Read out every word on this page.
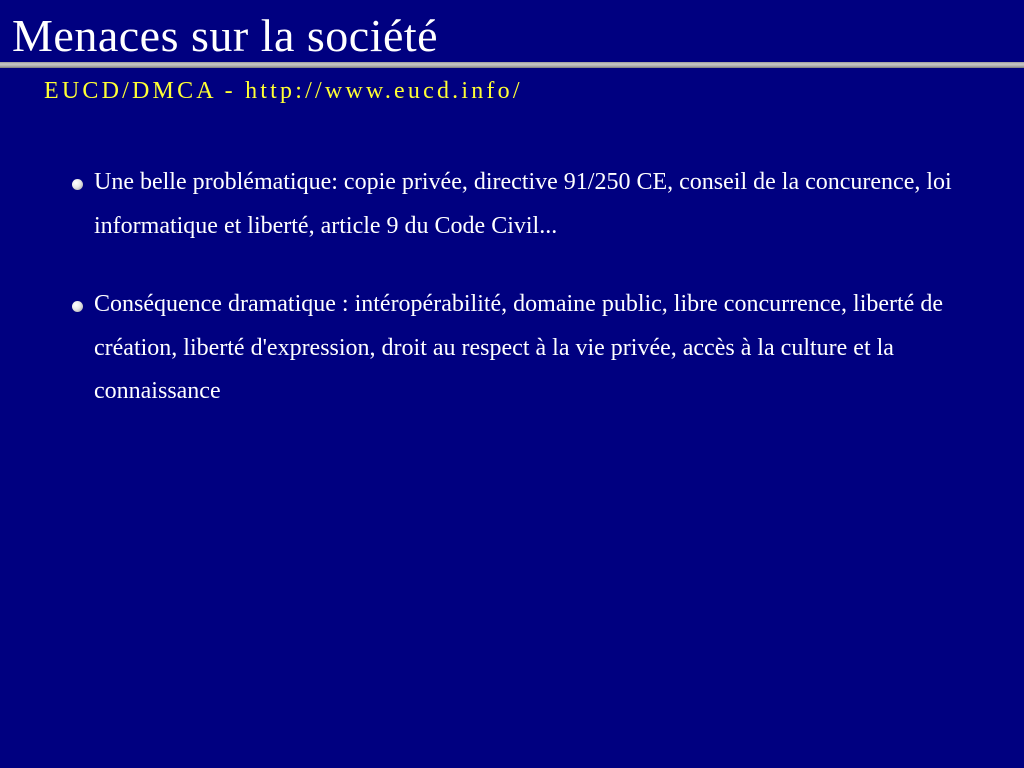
Menaces sur la société
EUCD/DMCA - http://www.eucd.info/
Une belle problématique: copie privée, directive 91/250 CE, conseil de la concurence, loi informatique et liberté, article 9 du Code Civil...
Conséquence dramatique : intéropérabilité, domaine public, libre concurrence, liberté de création, liberté d'expression, droit au respect à la vie privée, accès à la culture et la connaissance
